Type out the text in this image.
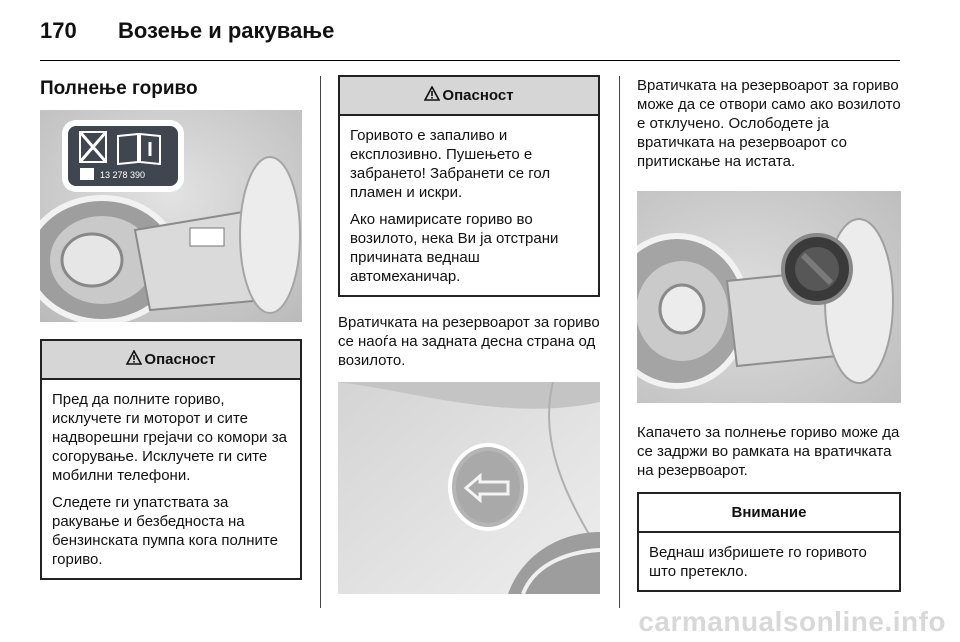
170 Возење и ракување
Полнење гориво
13 278 390
Опасност

Пред да полните гориво, исклучете ги моторот и сите надворешни грејачи со комори за согорување. Исклучете ги сите мобилни телефони.

Следете ги упатствата за ракување и безбедноста на бензинската пумпа кога полните гориво.

Опасност

Горивото е запаливо и експлозивно. Пушењето е забрането! Забранети се гол пламен и искри.

Ако намирисате гориво во возилото, нека Ви ја отстрани причината веднаш автомеханичар.

Вратичката на резервоарот за гориво се наоѓа на задната десна страна од возилото.

Вратичката на резервоарот за гориво може да се отвори само ако возилото е отклучено. Ослободете ја вратичката на резервоарот со притискање на истата.

Капачето за полнење гориво може да се задржи во рамката на вратичката на резервоарот.

Внимание

Веднаш избришете го горивото што претекло.

carmanualsonline.info
